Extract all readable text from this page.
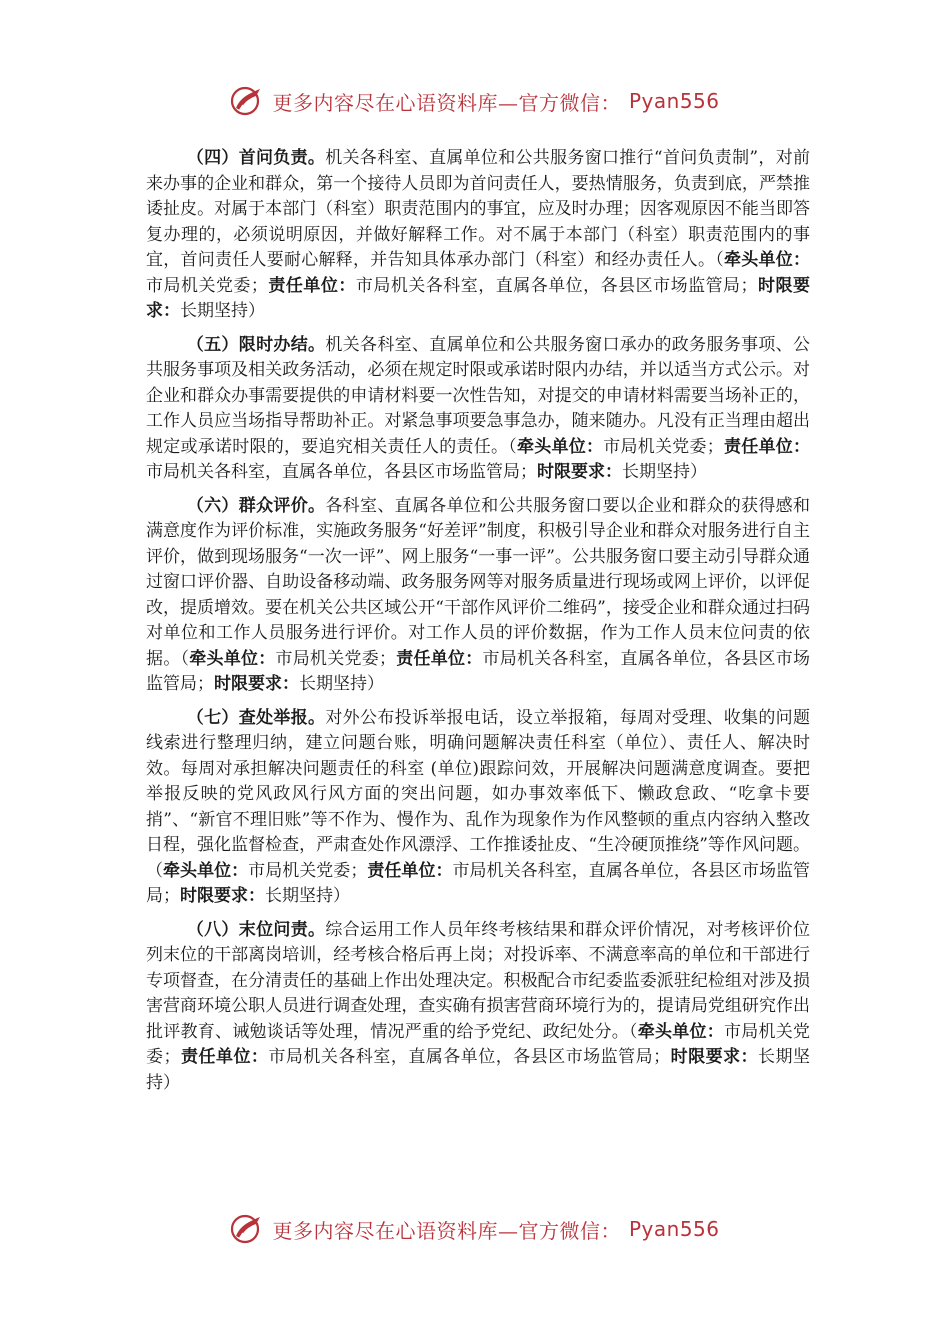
更多内容尽在心语资料库—官方微信： Pyan556

（四）首问负责。机关各科室、直属单位和公共服务窗口推行“首问负责制”，对前来办事的企业和群众，第一个接待人员即为首问责任人，要热情服务，负责到底，严禁推诿扯皮。对属于本部门（科室）职责范围内的事宜，应及时办理；因客观原因不能当即答复办理的，必须说明原因，并做好解释工作。对不属于本部门（科室）职责范围内的事宜，首问责任人要耐心解释，并告知具体承办部门（科室）和经办责任人。（牵头单位：市局机关党委；责任单位：市局机关各科室，直属各单位，各县区市场监管局；时限要求：长期坚持）

（五）限时办结。机关各科室、直属单位和公共服务窗口承办的政务服务事项、公共服务事项及相关政务活动，必须在规定时限或承诺时限内办结，并以适当方式公示。对企业和群众办事需要提供的申请材料要一次性告知，对提交的申请材料需要当场补正的，工作人员应当场指导帮助补正。对紧急事项要急事急办，随来随办。凡没有正当理由超出规定或承诺时限的，要追究相关责任人的责任。（牵头单位：市局机关党委；责任单位：市局机关各科室，直属各单位，各县区市场监管局；时限要求：长期坚持）

（六）群众评价。各科室、直属各单位和公共服务窗口要以企业和群众的获得感和满意度作为评价标准，实施政务服务“好差评”制度，积极引导企业和群众对服务进行自主评价，做到现场服务“一次一评”、网上服务“一事一评”。公共服务窗口要主动引导群众通过窗口评价器、自助设备移动端、政务服务网等对服务质量进行现场或网上评价，以评促改，提质增效。要在机关公共区域公开“干部作风评价二维码”，接受企业和群众通过扫码对单位和工作人员服务进行评价。对工作人员的评价数据，作为工作人员末位问责的依据。（牵头单位：市局机关党委；责任单位：市局机关各科室，直属各单位，各县区市场监管局；时限要求：长期坚持）

（七）查处举报。对外公布投诉举报电话，设立举报箱，每周对受理、收集的问题线索进行整理归纳，建立问题台账，明确问题解决责任科室（单位）、责任人、解决时效。每周对承担解决问题责任的科室 (单位)跟踪问效，开展解决问题满意度调查。要把举报反映的党风政风行风方面的突出问题，如办事效率低下、懒政怠政、“吃拿卡要捎”、“新官不理旧账”等不作为、慢作为、乱作为现象作为作风整顿的重点内容纳入整改日程，强化监督检查，严肃查处作风漂浮、工作推诿扯皮、“生冷硬顶推绕”等作风问题。（牵头单位：市局机关党委；责任单位：市局机关各科室，直属各单位，各县区市场监管局；时限要求：长期坚持）

（八）末位问责。综合运用工作人员年终考核结果和群众评价情况，对考核评价位列末位的干部离岗培训，经考核合格后再上岗；对投诉率、不满意率高的单位和干部进行专项督查，在分清责任的基础上作出处理决定。积极配合市纪委监委派驻纪检组对涉及损害营商环境公职人员进行调查处理，查实确有损害营商环境行为的，提请局党组研究作出批评教育、诫勉谈话等处理，情况严重的给予党纪、政纪处分。（牵头单位：市局机关党委；责任单位：市局机关各科室，直属各单位，各县区市场监管局；时限要求：长期坚持）

更多内容尽在心语资料库—官方微信： Pyan556
